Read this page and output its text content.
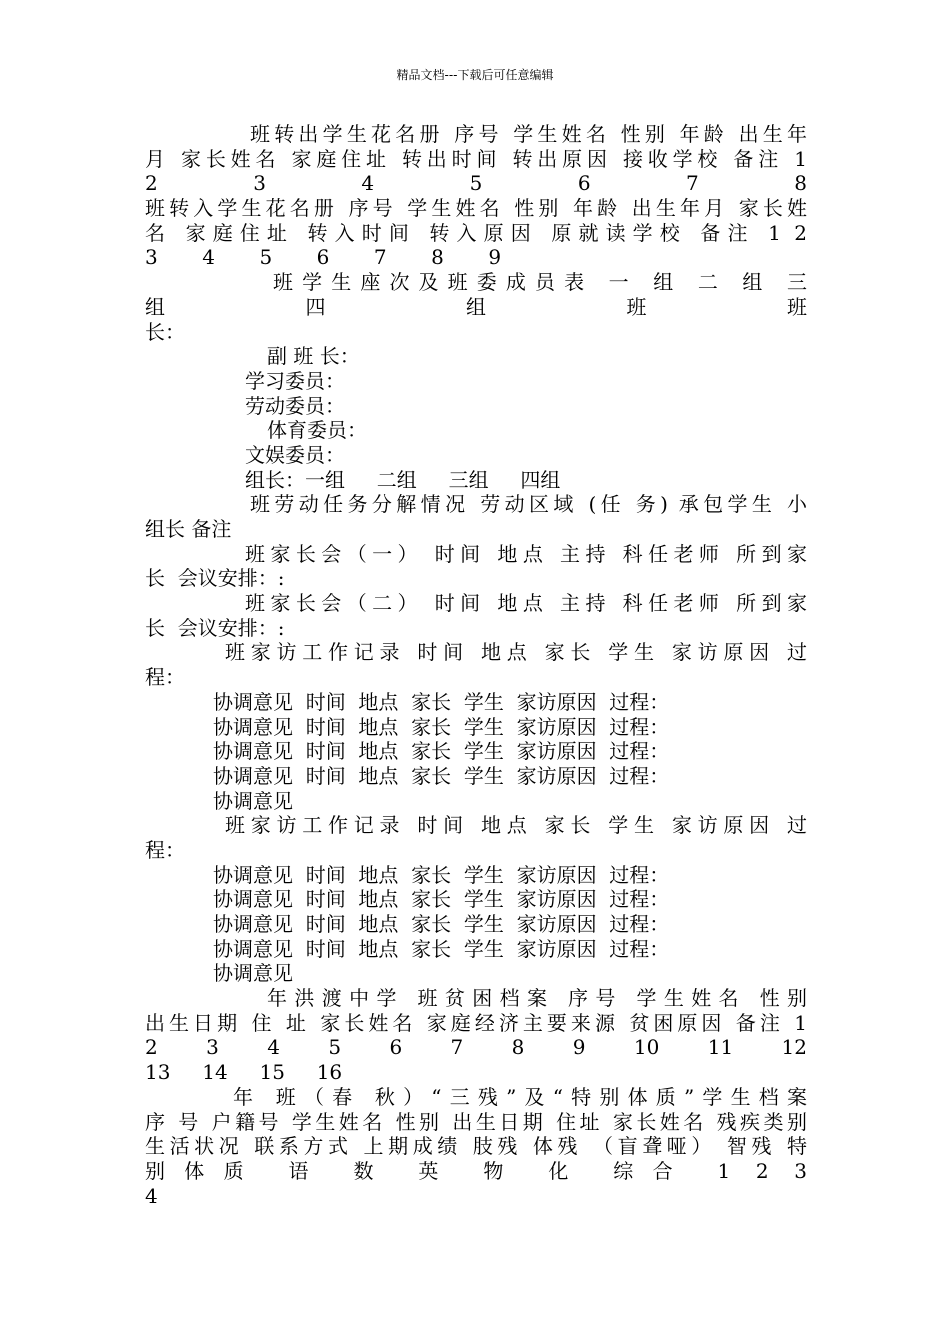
精品文档---下载后可任意编辑
班转出学生花名册 序号 学生姓名 性别 年龄 出生年
月 家长姓名 家庭住址 转出时间 转出原因 接收学校 备注 1
2 3 4 5 6 7 8
班转入学生花名册 序号 学生姓名 性别 年龄 出生年月 家长姓
名 家庭住址 转入时间 转入原因 原就读学校 备注 1 2
3       4       5       6       7       8       9
班学生座次及班委成员表 一 组 二 组 三
组 四 组 班 班
长：
副 班 长：
学习委员：
劳动委员：
体育委员：
文娱委员：
组长：一组     二组     三组     四组
班劳动任务分解情况 劳动区域 (任 务) 承包学生 小
组长 备注
班家长会（一） 时间 地点 主持 科任老师 所到家
长  会议安排：:
班家长会（二） 时间 地点 主持 科任老师 所到家
长  会议安排：:
班家访工作记录 时间 地点 家长 学生 家访原因 过
程：
协调意见  时间  地点  家长  学生  家访原因  过程：
协调意见  时间  地点  家长  学生  家访原因  过程：
协调意见  时间  地点  家长  学生  家访原因  过程：
协调意见  时间  地点  家长  学生  家访原因  过程：
协调意见
班家访工作记录 时间 地点 家长 学生 家访原因 过
程：
协调意见  时间  地点  家长  学生  家访原因  过程：
协调意见  时间  地点  家长  学生  家访原因  过程：
协调意见  时间  地点  家长  学生  家访原因  过程：
协调意见  时间  地点  家长  学生  家访原因  过程：
协调意见
年洪渡中学 班贫困档案 序号 学生姓名 性别
出生日期 住 址 家长姓名 家庭经济主要来源 贫困原因 备注 1
2 3 4 5 6 7 8 9 10 11 12
13     14     15     16
年 班（春 秋）“三残”及“特别体质”学生档案
序 号 户籍号 学生姓名 性别 出生日期 住址 家长姓名 残疾类别
生活状况 联系方式 上期成绩 肢残 体残 （盲聋哑） 智残 特
别体质 语 数 英 物 化 综合 1 2 3
4
